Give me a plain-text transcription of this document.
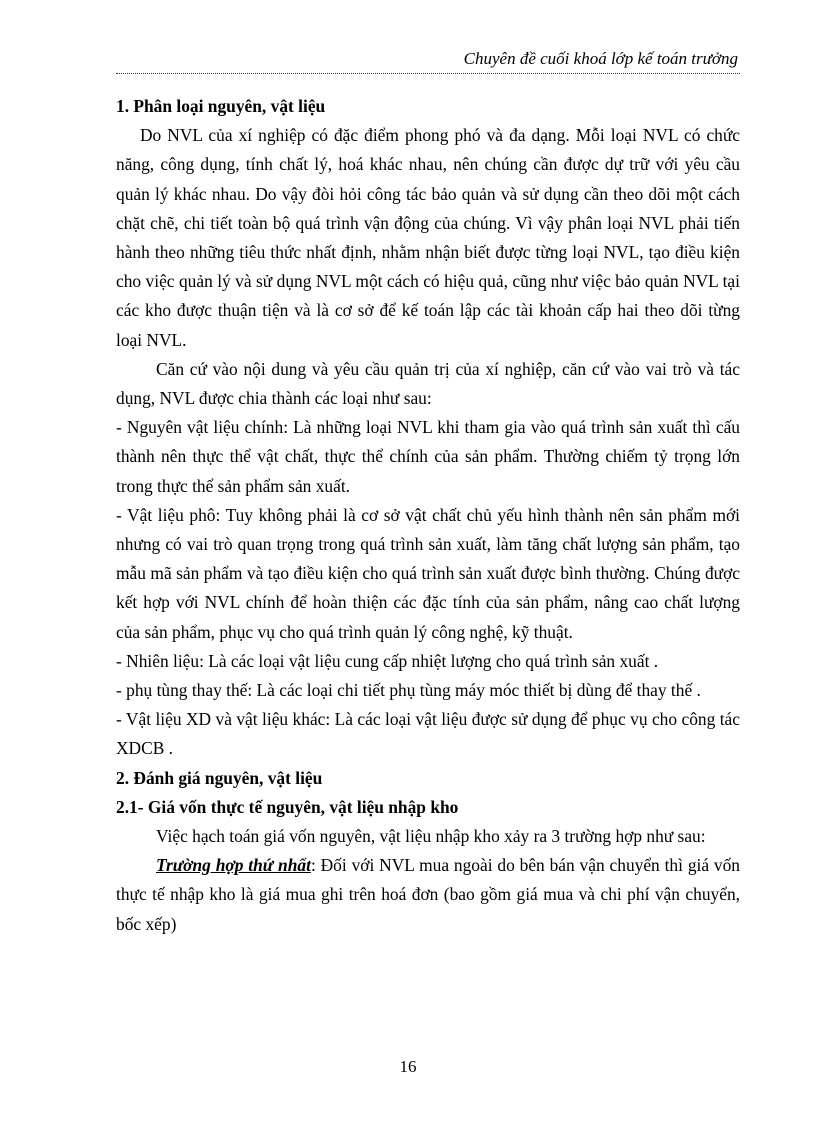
Chuyên đề cuối khoá lớp kế toán trưởng

1. Phân loại nguyên, vật liệu

Do NVL của xí nghiệp có đặc điểm phong phó và đa dạng. Mỗi loại NVL có chức năng, công dụng, tính chất lý, hoá khác nhau, nên chúng cần được dự trữ với yêu cầu quản lý khác nhau. Do vậy đòi hỏi công tác bảo quản và sử dụng cần theo dõi một cách chặt chẽ, chi tiết toàn bộ quá trình vận động của chúng. Vì vậy phân loại NVL phải tiến hành theo những tiêu thức nhất định, nhằm nhận biết được từng loại NVL, tạo điều kiện cho việc quản lý và sử dụng NVL một cách có hiệu quả, cũng như việc bảo quản NVL tại các kho được thuận tiện và là cơ sở để kế toán lập các tài khoản cấp hai theo dõi từng loại NVL.

Căn cứ vào nội dung và yêu cầu quản trị của xí nghiệp, căn cứ vào vai trò và tác dụng, NVL được chia thành các loại như sau:

- Nguyên vật liệu chính: Là những loại NVL khi tham gia vào quá trình sản xuất thì cấu thành nên thực thể vật chất, thực thể chính của sản phẩm. Thường chiếm tỷ trọng lớn trong thực thể sản phẩm sản xuất.

- Vật liệu phô: Tuy không phải là cơ sở vật chất chủ yếu hình thành nên sản phẩm mới nhưng có vai trò quan trọng trong quá trình sản xuất, làm tăng chất lượng sản phẩm, tạo mẫu mã sản phẩm và tạo điều kiện cho quá trình sản xuất được bình thường. Chúng được kết hợp với NVL chính để hoàn thiện các đặc tính của sản phẩm, nâng cao chất lượng của sản phẩm, phục vụ cho quá trình quản lý công nghệ, kỹ thuật.

- Nhiên liệu: Là các loại vật liệu cung cấp nhiệt lượng cho quá trình sản xuất .

- phụ tùng thay thế: Là các loại chi tiết phụ tùng máy móc thiết bị dùng để thay thế .

- Vật liệu XD và vật liệu khác: Là các loại vật liệu được sử dụng để phục vụ cho công tác XDCB .

2. Đánh giá nguyên, vật liệu

2.1- Giá vốn thực tế nguyên, vật liệu nhập kho

Việc hạch toán giá vốn nguyên, vật liệu nhập kho xảy ra 3 trường hợp như sau:

Trường hợp thứ nhất: Đối với NVL mua ngoài do bên bán vận chuyển thì giá vốn thực tế nhập kho là giá mua ghi trên hoá đơn (bao gồm giá mua và chi phí vận chuyển, bốc xếp)

16
